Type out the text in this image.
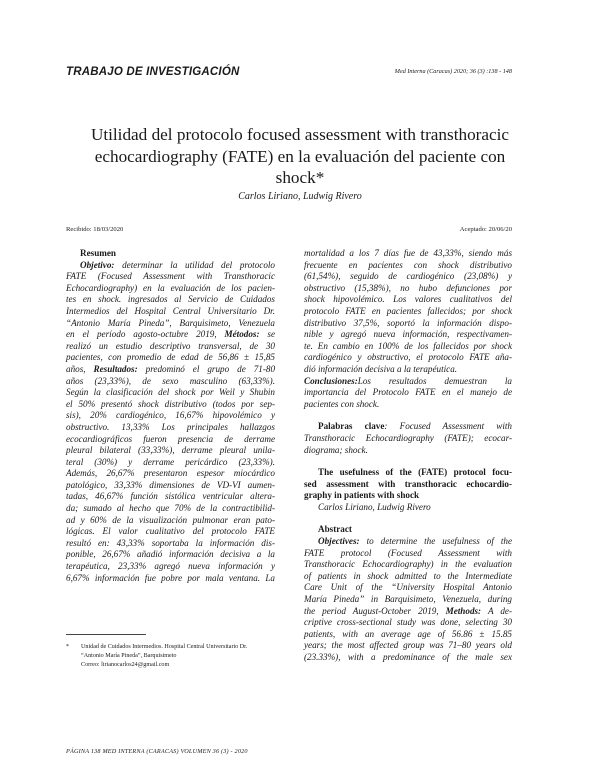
TRABAJO DE INVESTIGACIÓN	Med Interna (Caracas) 2020; 36 (3) :138 - 148
Utilidad del protocolo focused assessment with transthoracic
echocardiography (FATE) en la evaluación del paciente con
shock*
Carlos Liriano, Ludwig Rivero
Recibido: 18/03/2020	Aceptado: 20/06/20
Resumen
Objetivo: determinar la utilidad del protocolo
FATE (Focused Assessment with Transthoracic
Echocardiography) en la evaluación de los pacien-
tes en shock. ingresados al Servicio de Cuidados
Intermedios del Hospital Central Universitario Dr.
“Antonio María Pineda”, Barquisimeto, Venezuela
en el período agosto-octubre 2019, Métodos: se
realizó un estudio descriptivo transversal, de 30
pacientes, con promedio de edad de 56,86 ± 15,85
años, Resultados: predominó el grupo de 71-80
años (23,33%), de sexo masculino (63,33%).
Según la clasificación del shock por Weil y Shubin
el 50% presentó shock distributivo (todos por sep-
sis), 20% cardiogénico, 16,67% hipovolémico y
obstructivo. 13,33% Los principales hallazgos
ecocardiográficos fueron presencia de derrame
pleural bilateral (33,33%), derrame pleural unila-
teral (30%) y derrame pericárdico (23,33%).
Además, 26,67% presentaron espesor miocárdico
patológico, 33,33% dimensiones de VD-VI aumen-
tadas, 46,67% función sistólica ventricular altera-
da; sumado al hecho que 70% de la contractibilid-
ad y 60% de la visualización pulmonar eran pato-
lógicas. El valor cualitativo del protocolo FATE
resultó en: 43,33% soportaba la información dis-
ponible, 26,67% añadió información decisiva a la
terapéutica, 23,33% agregó nueva información y
6,67% información fue pobre por mala ventana. La
mortalidad a los 7 días fue de 43,33%, siendo más
frecuente en pacientes con shock distributivo
(61,54%), seguido de cardiogénico (23,08%) y
obstructivo (15,38%), no hubo defunciones por
shock hipovolémico. Los valores cualitativos del
protocolo FATE en pacientes fallecidos; por shock
distributivo 37,5%, soportó la información dispo-
nible y agregó nueva información, respectivamen-
te. En cambio en 100% de los fallecidos por shock
cardiogénico y obstructivo, el protocolo FATE aña-
dió información decisiva a la terapéutica.
Conclusiones:Los resultados demuestran la
importancia del Protocolo FATE en el manejo de
pacientes con shock.
Palabras clave: Focused Assessment with
Transthoracic Echocardiography (FATE); ecocar-
diograma; shock.
The usefulness of the (FATE) protocol focu-
sed assessment with transthoracic echocardio-
graphy in patients with shock
Carlos Liriano, Ludwig Rivero
Abstract
Objectives: to determine the usefulness of the
FATE protocol (Focused Assessment with
Transthoracic Echocardiography) in the evaluation
of patients in shock admitted to the Intermediate
Care Unit of the “University Hospital Antonio
María Pineda” in Barquisimeto, Venezuela, during
the period August-October 2019, Methods: A de-
criptive cross-sectional study was done, selecting 30
patients, with an average age of 56.86 ± 15.85
years; the most affected group was 71–80 years old
(23.33%), with a predominance of the male sex
* Unidad de Cuidados Intermedios. Hospital Central Universitario Dr.
“Antonio María Pineda”, Barquisimeto
Correo: lirianocarlos24@gmail.com
PÁGINA 138 MED INTERNA (CARACAS) VOLUMEN 36 (3) - 2020
